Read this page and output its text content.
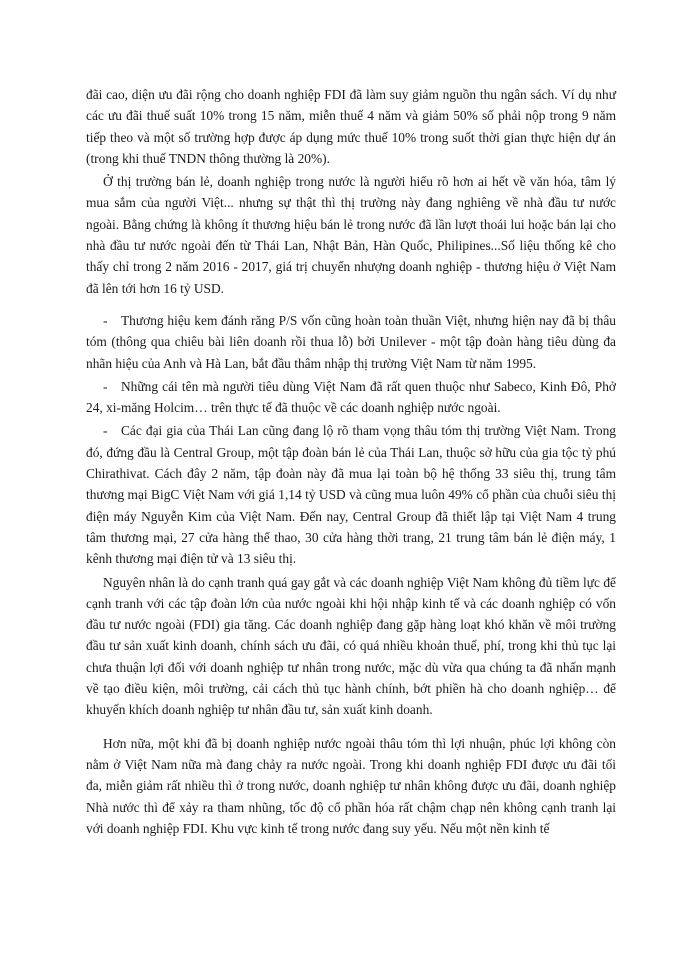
đãi cao, diện ưu đãi rộng cho doanh nghiệp FDI đã làm suy giảm nguồn thu ngân sách. Ví dụ như các ưu đãi thuế suất 10% trong 15 năm, miễn thuế 4 năm và giảm 50% số phải nộp trong 9 năm tiếp theo và một số trường hợp được áp dụng mức thuế 10% trong suốt thời gian thực hiện dự án (trong khi thuế TNDN thông thường là 20%).

Ở thị trường bán lẻ, doanh nghiệp trong nước là người hiểu rõ hơn ai hết về văn hóa, tâm lý mua sắm của người Việt... nhưng sự thật thì thị trường này đang nghiêng về nhà đầu tư nước ngoài. Bằng chứng là không ít thương hiệu bán lẻ trong nước đã lần lượt thoái lui hoặc bán lại cho nhà đầu tư nước ngoài đến từ Thái Lan, Nhật Bản, Hàn Quốc, Philipines...Số liệu thống kê cho thấy chỉ trong 2 năm 2016 - 2017, giá trị chuyển nhượng doanh nghiệp - thương hiệu ở Việt Nam đã lên tới hơn 16 tỷ USD.

- Thương hiệu kem đánh răng P/S vốn cũng hoàn toàn thuần Việt, nhưng hiện nay đã bị thâu tóm (thông qua chiêu bài liên doanh rồi thua lỗ) bởi Unilever - một tập đoàn hàng tiêu dùng đa nhãn hiệu của Anh và Hà Lan, bắt đầu thâm nhập thị trường Việt Nam từ năm 1995.

- Những cái tên mà người tiêu dùng Việt Nam đã rất quen thuộc như Sabeco, Kinh Đô, Phở 24, xi-măng Holcim… trên thực tế đã thuộc về các doanh nghiệp nước ngoài.

- Các đại gia của Thái Lan cũng đang lộ rõ tham vọng thâu tóm thị trường Việt Nam. Trong đó, đứng đầu là Central Group, một tập đoàn bán lẻ của Thái Lan, thuộc sở hữu của gia tộc tỷ phú Chirathivat. Cách đây 2 năm, tập đoàn này đã mua lại toàn bộ hệ thống 33 siêu thị, trung tâm thương mại BigC Việt Nam với giá 1,14 tỷ USD và cũng mua luôn 49% cổ phần của chuỗi siêu thị điện máy Nguyễn Kim của Việt Nam. Đến nay, Central Group đã thiết lập tại Việt Nam 4 trung tâm thương mại, 27 cửa hàng thể thao, 30 cửa hàng thời trang, 21 trung tâm bán lẻ điện máy, 1 kênh thương mại điện tử và 13 siêu thị.

Nguyên nhân là do cạnh tranh quá gay gắt và các doanh nghiệp Việt Nam không đủ tiềm lực để cạnh tranh với các tập đoàn lớn của nước ngoài khi hội nhập kinh tế và các doanh nghiệp có vốn đầu tư nước ngoài (FDI) gia tăng. Các doanh nghiệp đang gặp hàng loạt khó khăn về môi trường đầu tư sản xuất kinh doanh, chính sách ưu đãi, có quá nhiều khoản thuế, phí, trong khi thủ tục lại chưa thuận lợi đối với doanh nghiệp tư nhân trong nước, mặc dù vừa qua chúng ta đã nhấn mạnh về tạo điều kiện, môi trường, cải cách thủ tục hành chính, bớt phiền hà cho doanh nghiệp… để khuyến khích doanh nghiệp tư nhân đầu tư, sản xuất kinh doanh.

Hơn nữa, một khi đã bị doanh nghiệp nước ngoài thâu tóm thì lợi nhuận, phúc lợi không còn nằm ở Việt Nam nữa mà đang chảy ra nước ngoài. Trong khi doanh nghiệp FDI được ưu đãi tối đa, miễn giảm rất nhiều thì ở trong nước, doanh nghiệp tư nhân không được ưu đãi, doanh nghiệp Nhà nước thì để xảy ra tham nhũng, tốc độ cổ phần hóa rất chậm chạp nên không cạnh tranh lại với doanh nghiệp FDI. Khu vực kinh tế trong nước đang suy yếu. Nếu một nền kinh tế
